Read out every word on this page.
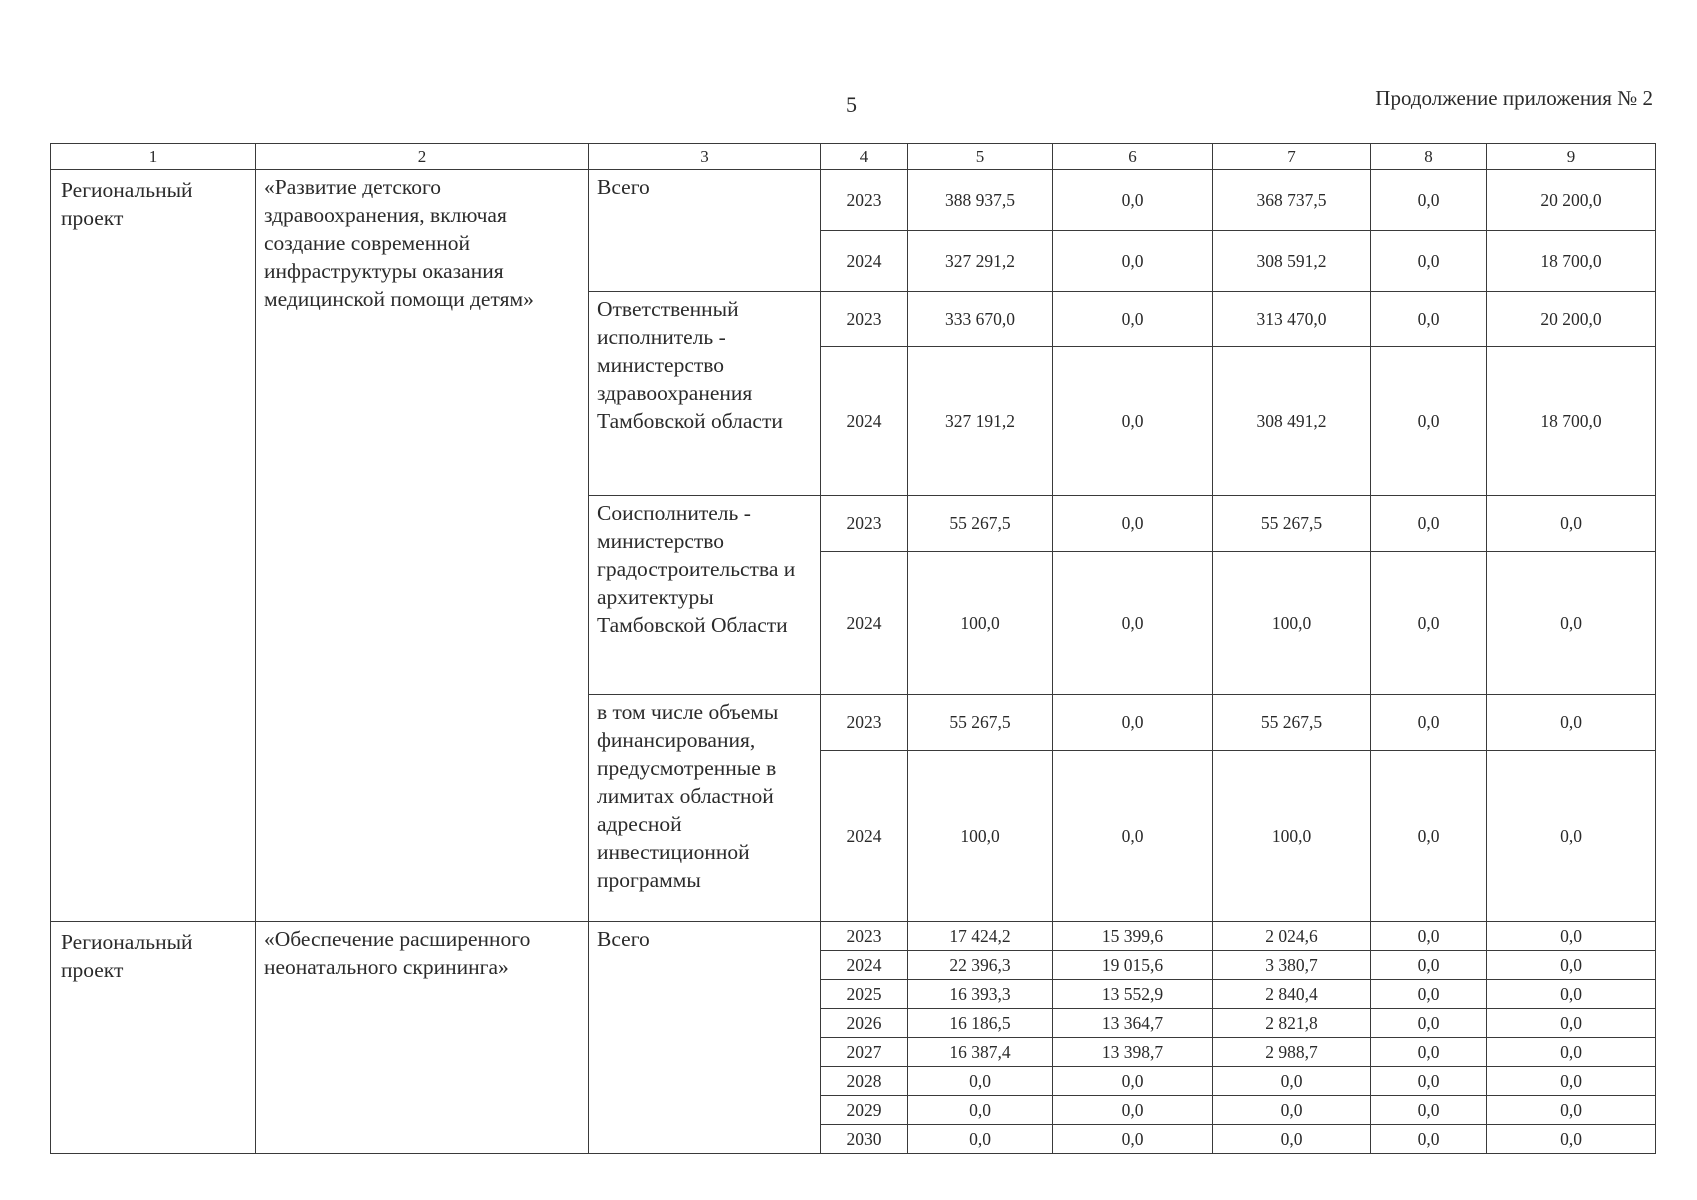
5	Продолжение приложения № 2
1	2	3	4	5	6	7	8	9
Региональный проект	«Развитие детского здравоохранения, включая создание современной инфраструктуры оказания медицинской помощи детям»	Всего	2023	388 937,5	0,0	368 737,5	0,0	20 200,0
			2024	327 291,2	0,0	308 591,2	0,0	18 700,0
		Ответственный исполнитель - министерство здравоохранения Тамбовской области	2023	333 670,0	0,0	313 470,0	0,0	20 200,0
			2024	327 191,2	0,0	308 491,2	0,0	18 700,0
		Соисполнитель - министерство градостроительства и архитектуры Тамбовской Области	2023	55 267,5	0,0	55 267,5	0,0	0,0
			2024	100,0	0,0	100,0	0,0	0,0
		в том числе объемы финансирования, предусмотренные в лимитах областной адресной инвестиционной программы	2023	55 267,5	0,0	55 267,5	0,0	0,0
			2024	100,0	0,0	100,0	0,0	0,0
Региональный проект	«Обеспечение расширенного неонатального скрининга»	Всего	2023	17 424,2	15 399,6	2 024,6	0,0	0,0
			2024	22 396,3	19 015,6	3 380,7	0,0	0,0
			2025	16 393,3	13 552,9	2 840,4	0,0	0,0
			2026	16 186,5	13 364,7	2 821,8	0,0	0,0
			2027	16 387,4	13 398,7	2 988,7	0,0	0,0
			2028	0,0	0,0	0,0	0,0	0,0
			2029	0,0	0,0	0,0	0,0	0,0
			2030	0,0	0,0	0,0	0,0	0,0
